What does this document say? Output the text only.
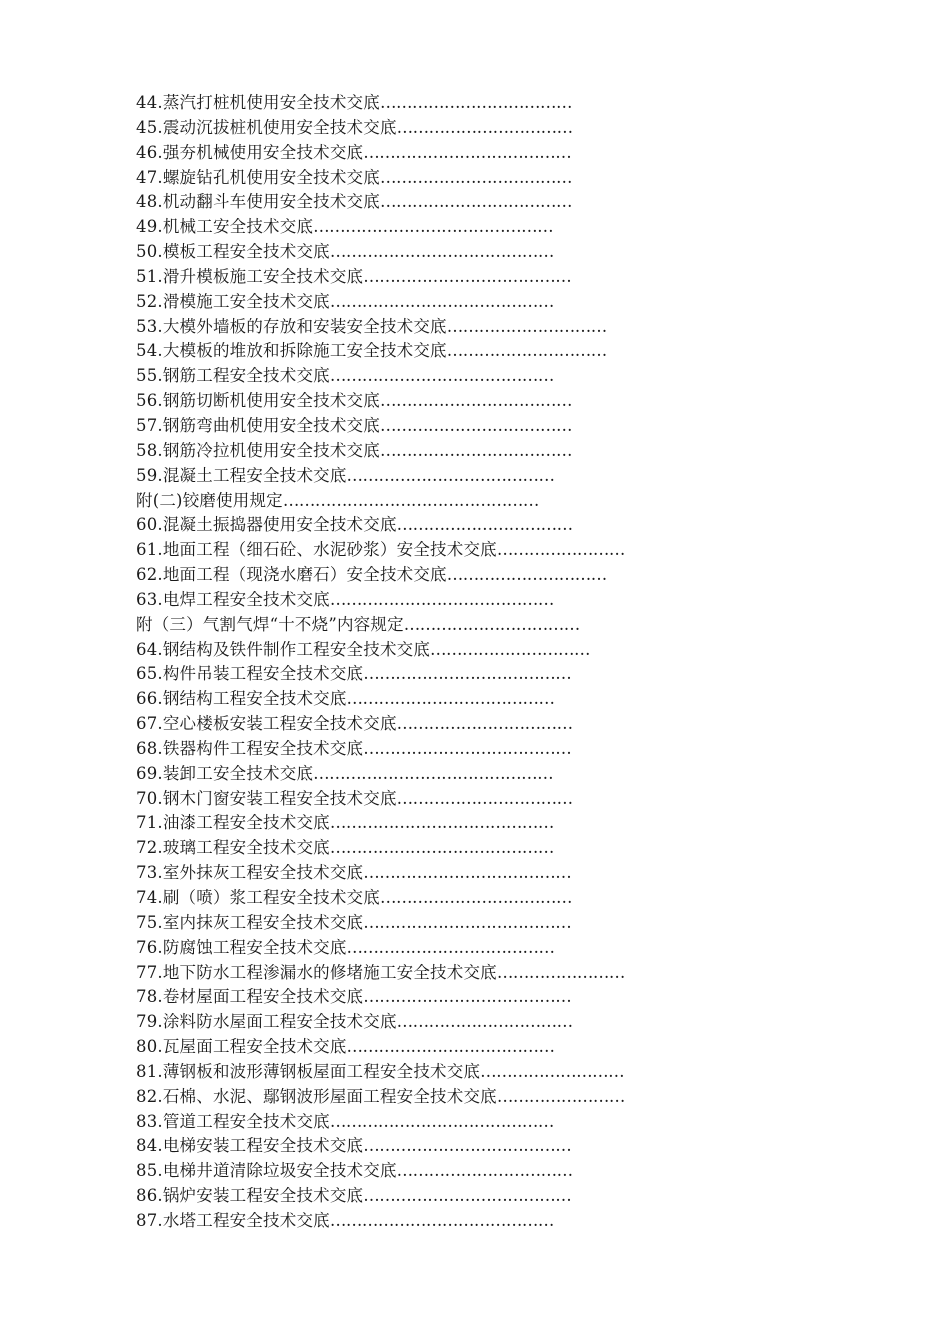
44.蒸汽打桩机使用安全技术交底………………………………
45.震动沉拔桩机使用安全技术交底……………………………
46.强夯机械使用安全技术交底…………………………………
47.螺旋钻孔机使用安全技术交底………………………………
48.机动翻斗车使用安全技术交底………………………………
49.机械工安全技术交底………………………………………
50.模板工程安全技术交底……………………………………
51.滑升模板施工安全技术交底…………………………………
52.滑模施工安全技术交底……………………………………
53.大模外墙板的存放和安装安全技术交底…………………………
54.大模板的堆放和拆除施工安全技术交底…………………………
55.钢筋工程安全技术交底……………………………………
56.钢筋切断机使用安全技术交底………………………………
57.钢筋弯曲机使用安全技术交底………………………………
58.钢筋冷拉机使用安全技术交底………………………………
59.混凝土工程安全技术交底…………………………………
附(二)铰磨使用规定…………………………………………
60.混凝土振捣器使用安全技术交底……………………………
61.地面工程（细石砼、水泥砂浆）安全技术交底……………………
62.地面工程（现浇水磨石）安全技术交底…………………………
63.电焊工程安全技术交底……………………………………
附（三）气割气焊“十不烧”内容规定……………………………
64.钢结构及铁件制作工程安全技术交底…………………………
65.构件吊装工程安全技术交底…………………………………
66.钢结构工程安全技术交底…………………………………
67.空心楼板安装工程安全技术交底……………………………
68.铁器构件工程安全技术交底…………………………………
69.装卸工安全技术交底………………………………………
70.钢木门窗安装工程安全技术交底……………………………
71.油漆工程安全技术交底……………………………………
72.玻璃工程安全技术交底……………………………………
73.室外抹灰工程安全技术交底…………………………………
74.刷（喷）浆工程安全技术交底………………………………
75.室内抹灰工程安全技术交底…………………………………
76.防腐蚀工程安全技术交底…………………………………
77.地下防水工程渗漏水的修堵施工安全技术交底……………………
78.卷材屋面工程安全技术交底…………………………………
79.涂料防水屋面工程安全技术交底……………………………
80.瓦屋面工程安全技术交底…………………………………
81.薄钢板和波形薄钢板屋面工程安全技术交底………………………
82.石棉、水泥、鄢钢波形屋面工程安全技术交底……………………
83.管道工程安全技术交底……………………………………
84.电梯安装工程安全技术交底…………………………………
85.电梯井道清除垃圾安全技术交底……………………………
86.锅炉安装工程安全技术交底…………………………………
87.水塔工程安全技术交底……………………………………
